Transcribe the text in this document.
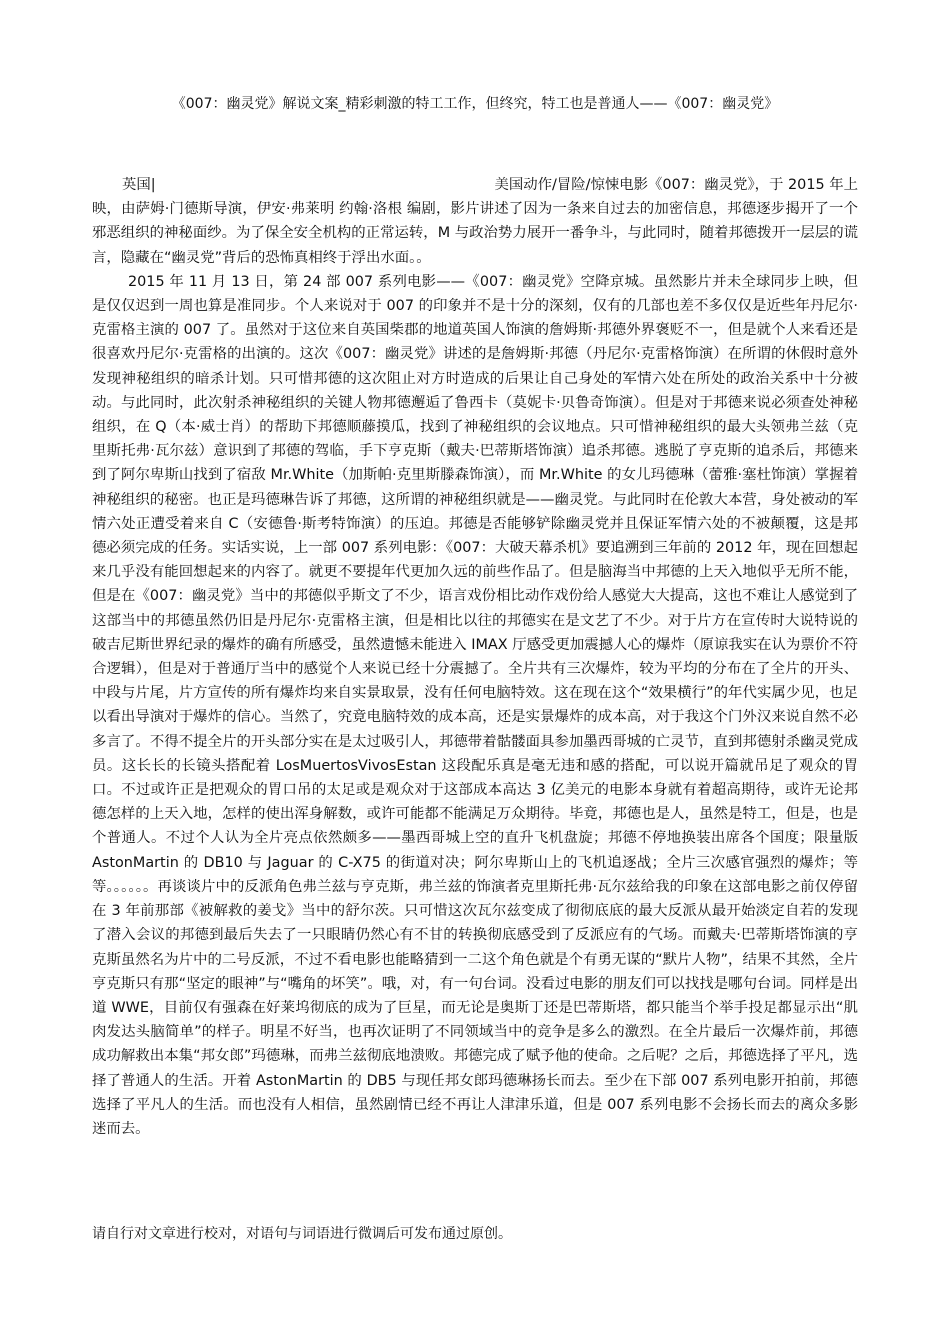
《007：幽灵党》解说文案_精彩刺激的特工工作，但终究，特工也是普通人——《007：幽灵党》
英国|	美国动作/冒险/惊悚电影《007：幽灵党》，于 2015 年上

映，由萨姆·门德斯导演，伊安·弗莱明 约翰·洛根 编剧，影片讲述了因为一条来自过去的加密信息，邦德逐步揭开了一个邪恶组织的神秘面纱。为了保全安全机构的正常运转，M 与政治势力展开一番争斗，与此同时，随着邦德拨开一层层的谎言，隐藏在“幽灵党”背后的恐怖真相终于浮出水面。。

2015 年 11 月 13 日，第 24 部 007 系列电影——《007：幽灵党》空降京城。虽然影片并未全球同步上映，但是仅仅迟到一周也算是准同步。个人来说对于 007 的印象并不是十分的深刻，仅有的几部也差不多仅仅是近些年丹尼尔·克雷格主演的 007 了。虽然对于这位来自英国柴郡的地道英国人饰演的詹姆斯·邦德外界褒贬不一，但是就个人来看还是很喜欢丹尼尔·克雷格的出演的。这次《007：幽灵党》讲述的是詹姆斯·邦德（丹尼尔·克雷格饰演）在所谓的休假时意外发现神秘组织的暗杀计划。只可惜邦德的这次阻止对方时造成的后果让自己身处的军情六处在所处的政治关系中十分被动。与此同时，此次射杀神秘组织的关键人物邦德邂逅了鲁西卡（莫妮卡·贝鲁奇饰演）。但是对于邦德来说必须查处神秘组织，在 Q（本·威士肖）的帮助下邦德顺藤摸瓜，找到了神秘组织的会议地点。只可惜神秘组织的最大头领弗兰兹（克里斯托弗·瓦尔兹）意识到了邦德的驾临，手下亨克斯（戴夫·巴蒂斯塔饰演）追杀邦德。逃脱了亨克斯的追杀后，邦德来到了阿尔卑斯山找到了宿敌 Mr.White（加斯帕·克里斯滕森饰演），而 Mr.White 的女儿玛德琳（蕾雅·塞杜饰演）掌握着神秘组织的秘密。也正是玛德琳告诉了邦德，这所谓的神秘组织就是——幽灵党。与此同时在伦敦大本营，身处被动的军情六处正遭受着来自 C（安德鲁·斯考特饰演）的压迫。邦德是否能够铲除幽灵党并且保证军情六处的不被颠覆，这是邦德必须完成的任务。实话实说，上一部 007 系列电影：《007：大破天幕杀机》要追溯到三年前的 2012 年，现在回想起来几乎没有能回想起来的内容了。就更不要提年代更加久远的前些作品了。但是脑海当中邦德的上天入地似乎无所不能，但是在《007：幽灵党》当中的邦德似乎斯文了不少，语言戏份相比动作戏份给人感觉大大提高，这也不难让人感觉到了这部当中的邦德虽然仍旧是丹尼尔·克雷格主演，但是相比以往的邦德实在是文艺了不少。对于片方在宣传时大说特说的破吉尼斯世界纪录的爆炸的确有所感受，虽然遗憾未能进入 IMAX 厅感受更加震撼人心的爆炸（原谅我实在认为票价不符合逻辑），但是对于普通厅当中的感觉个人来说已经十分震撼了。全片共有三次爆炸，较为平均的分布在了全片的开头、中段与片尾，片方宣传的所有爆炸均来自实景取景，没有任何电脑特效。这在现在这个“效果横行”的年代实属少见，也足以看出导演对于爆炸的信心。当然了，究竟电脑特效的成本高，还是实景爆炸的成本高，对于我这个门外汉来说自然不必多言了。不得不提全片的开头部分实在是太过吸引人，邦德带着骷髅面具参加墨西哥城的亡灵节，直到邦德射杀幽灵党成员。这长长的长镜头搭配着 LosMuertosVivosEstan 这段配乐真是毫无违和感的搭配，可以说开篇就吊足了观众的胃口。不过或许正是把观众的胃口吊的太足或是观众对于这部成本高达 3 亿美元的电影本身就有着超高期待，或许无论邦德怎样的上天入地，怎样的使出浑身解数，或许可能都不能满足万众期待。毕竟，邦德也是人，虽然是特工，但是，也是个普通人。不过个人认为全片亮点依然颇多——墨西哥城上空的直升飞机盘旋；邦德不停地换装出席各个国度；限量版 AstonMartin 的 DB10 与 Jaguar 的 C-X75 的街道对决；阿尔卑斯山上的飞机追逐战；全片三次感官强烈的爆炸；等等。。。。。。再谈谈片中的反派角色弗兰兹与亨克斯，弗兰兹的饰演者克里斯托弗·瓦尔兹给我的印象在这部电影之前仅停留在 3 年前那部《被解救的姜戈》当中的舒尔茨。只可惜这次瓦尔兹变成了彻彻底底的最大反派从最开始淡定自若的发现了潜入会议的邦德到最后失去了一只眼睛仍然心有不甘的转换彻底感受到了反派应有的气场。而戴夫·巴蒂斯塔饰演的亨克斯虽然名为片中的二号反派，不过不看电影也能略猜到一二这个角色就是个有勇无谋的“默片人物”，结果不其然，全片亨克斯只有那“坚定的眼神”与“嘴角的坏笑”。哦，对，有一句台词。没看过电影的朋友们可以找找是哪句台词。同样是出道 WWE，目前仅有强森在好莱坞彻底的成为了巨星，而无论是奥斯丁还是巴蒂斯塔，都只能当个举手投足都显示出“肌肉发达头脑简单”的样子。明星不好当，也再次证明了不同领域当中的竞争是多么的激烈。在全片最后一次爆炸前，邦德成功解救出本集“邦女郎”玛德琳，而弗兰兹彻底地溃败。邦德完成了赋予他的使命。之后呢？之后，邦德选择了平凡，选择了普通人的生活。开着 AstonMartin 的 DB5 与现任邦女郎玛德琳扬长而去。至少在下部 007 系列电影开拍前，邦德选择了平凡人的生活。而也没有人相信，虽然剧情已经不再让人津津乐道，但是 007 系列电影不会扬长而去的离众多影迷而去。

请自行对文章进行校对，对语句与词语进行微调后可发布通过原创。
